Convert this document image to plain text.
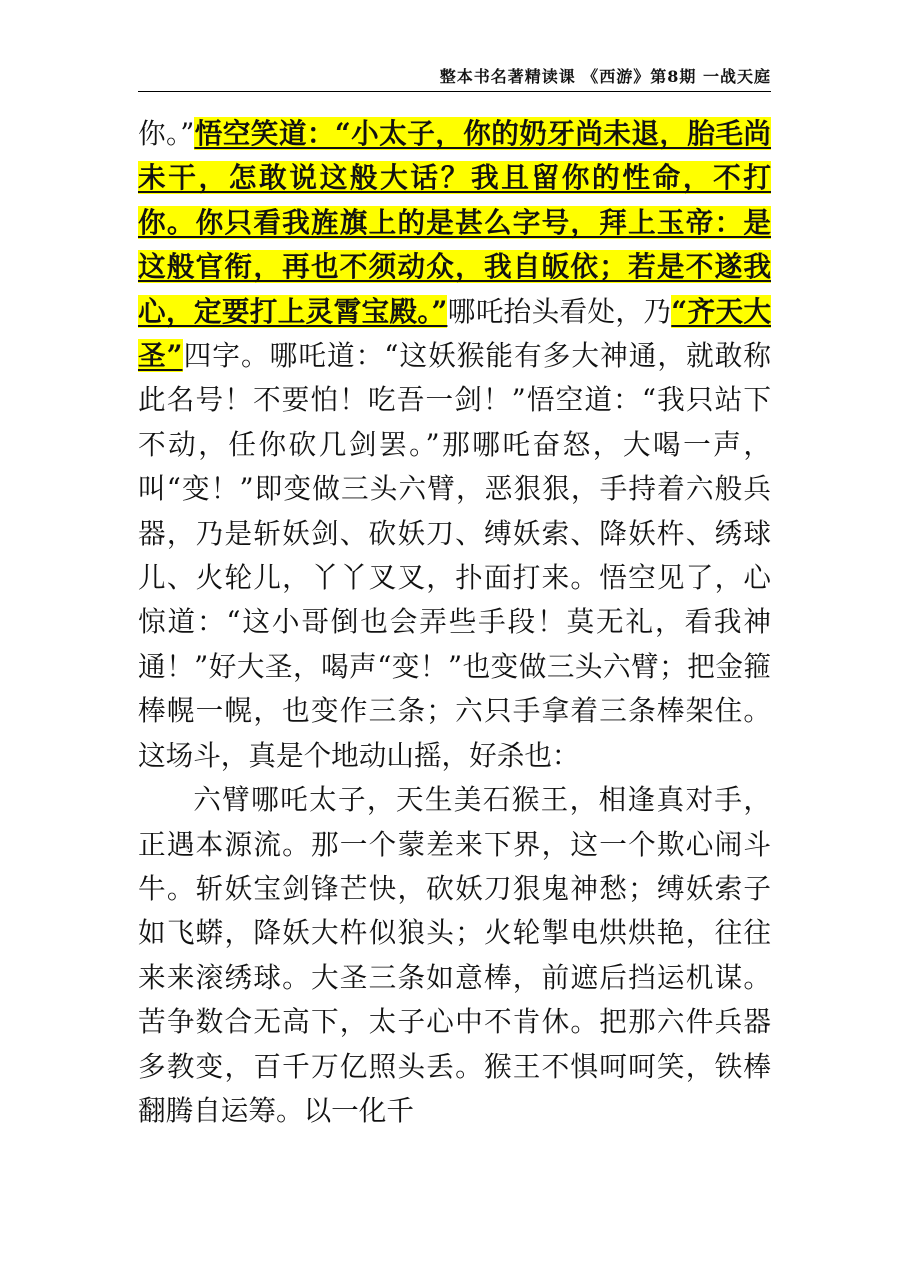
整本书名著精读课 《西游》第8期 一战天庭

你。”悟空笑道：“小太子，你的奶牙尚未退，胎毛尚未干，怎敢说这般大话？我且留你的性命，不打你。你只看我旌旗上的是甚么字号，拜上玉帝：是这般官衔，再也不须动众，我自皈依；若是不遂我心，定要打上灵霄宝殿。”哪吒抬头看处，乃“齐天大圣”四字。哪吒道：“这妖猴能有多大神通，就敢称此名号！不要怕！吃吾一剑！”悟空道：“我只站下不动，任你砍几剑罢。”那哪吒奋怒，大喝一声，叫“变！”即变做三头六臂，恶狠狠，手持着六般兵器，乃是斩妖剑、砍妖刀、缚妖索、降妖杵、绣球儿、火轮儿，丫丫叉叉，扑面打来。悟空见了，心惊道：“这小哥倒也会弄些手段！莫无礼，看我神通！”好大圣，喝声“变！”也变做三头六臂；把金箍棒幌一幌，也变作三条；六只手拿着三条棒架住。这场斗，真是个地动山摇，好杀也：

六臂哪吒太子，天生美石猴王，相逢真对手，正遇本源流。那一个蒙差来下界，这一个欺心闹斗牛。斩妖宝剑锋芒快，砍妖刀狠鬼神愁；缚妖索子如飞蟒，降妖大杵似狼头；火轮掣电烘烘艳，往往来来滚绣球。大圣三条如意棒，前遮后挡运机谋。苦争数合无高下，太子心中不肯休。把那六件兵器多教变，百千万亿照头丢。猴王不惧呵呵笑，铁棒翻腾自运筹。以一化千
